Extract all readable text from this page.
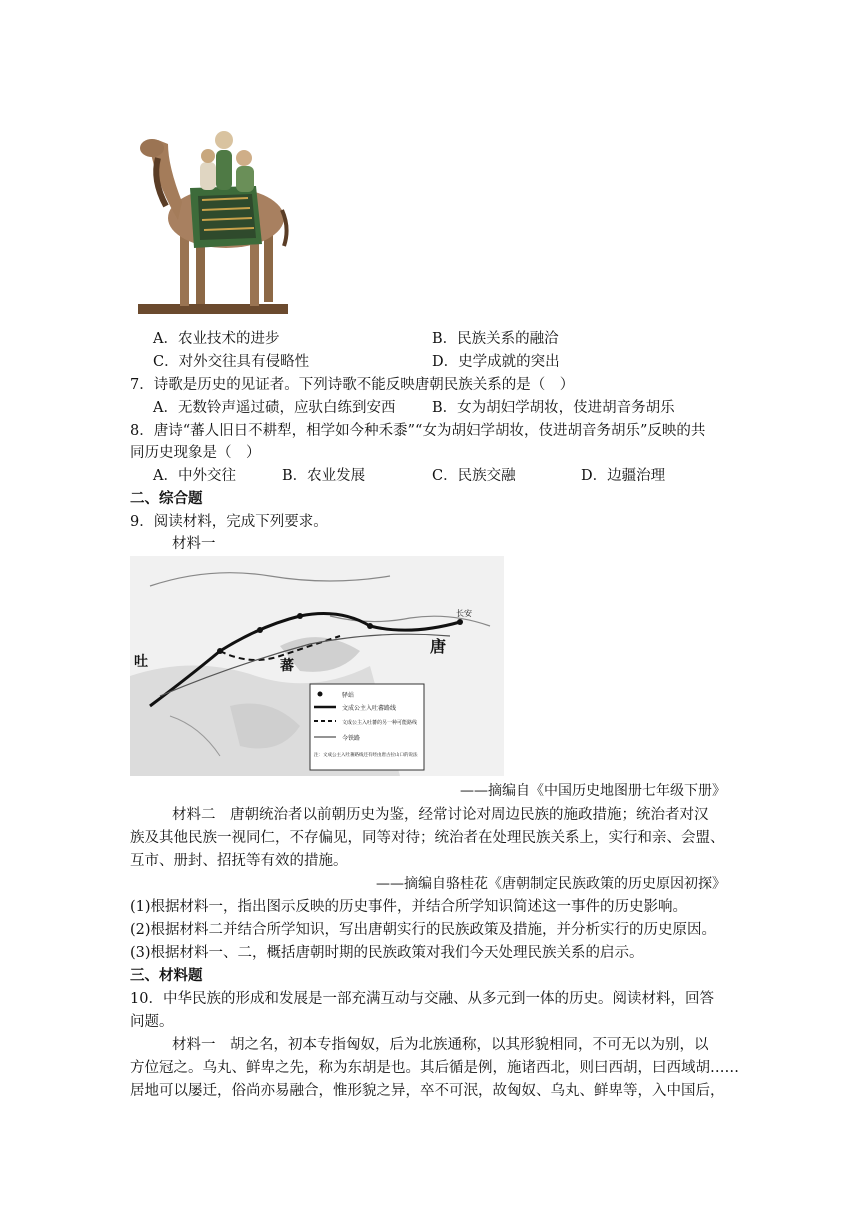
A．农业技术的进步	B．民族关系的融洽
C．对外交往具有侵略性	D．史学成就的突出
7．诗歌是历史的见证者。下列诗歌不能反映唐朝民族关系的是（　）
A．无数铃声遥过碛，应驮白练到安西	B．女为胡妇学胡妆，伎进胡音务胡乐
8．唐诗“蕃人旧日不耕犁，相学如今种禾黍”“女为胡妇学胡妆，伎进胡音务胡乐”反映的共
同历史现象是（　）
A．中外交往	B．农业发展	C．民族交融	D．边疆治理
二、综合题
9．阅读材料，完成下列要求。
材料一
唐
蕃
吐
长安
驿站
文成公主入吐蕃路线
文成公主入吐蕃的另一种可能路线
今铁路
注：文成公主入吐蕃路线还有经由唐古拉山口的说法
——摘编自《中国历史地图册七年级下册》
材料二　唐朝统治者以前朝历史为鉴，经常讨论对周边民族的施政措施；统治者对汉
族及其他民族一视同仁，不存偏见，同等对待；统治者在处理民族关系上，实行和亲、会盟、
互市、册封、招抚等有效的措施。
——摘编自骆桂花《唐朝制定民族政策的历史原因初探》
(1)根据材料一，指出图示反映的历史事件，并结合所学知识简述这一事件的历史影响。
(2)根据材料二并结合所学知识，写出唐朝实行的民族政策及措施，并分析实行的历史原因。
(3)根据材料一、二，概括唐朝时期的民族政策对我们今天处理民族关系的启示。
三、材料题
10．中华民族的形成和发展是一部充满互动与交融、从多元到一体的历史。阅读材料，回答
问题。
材料一　胡之名，初本专指匈奴，后为北族通称，以其形貌相同，不可无以为别，以
方位冠之。乌丸、鲜卑之先，称为东胡是也。其后循是例，施诸西北，则曰西胡，曰西域胡……
居地可以屡迁，俗尚亦易融合，惟形貌之异，卒不可泯，故匈奴、乌丸、鲜卑等，入中国后，
